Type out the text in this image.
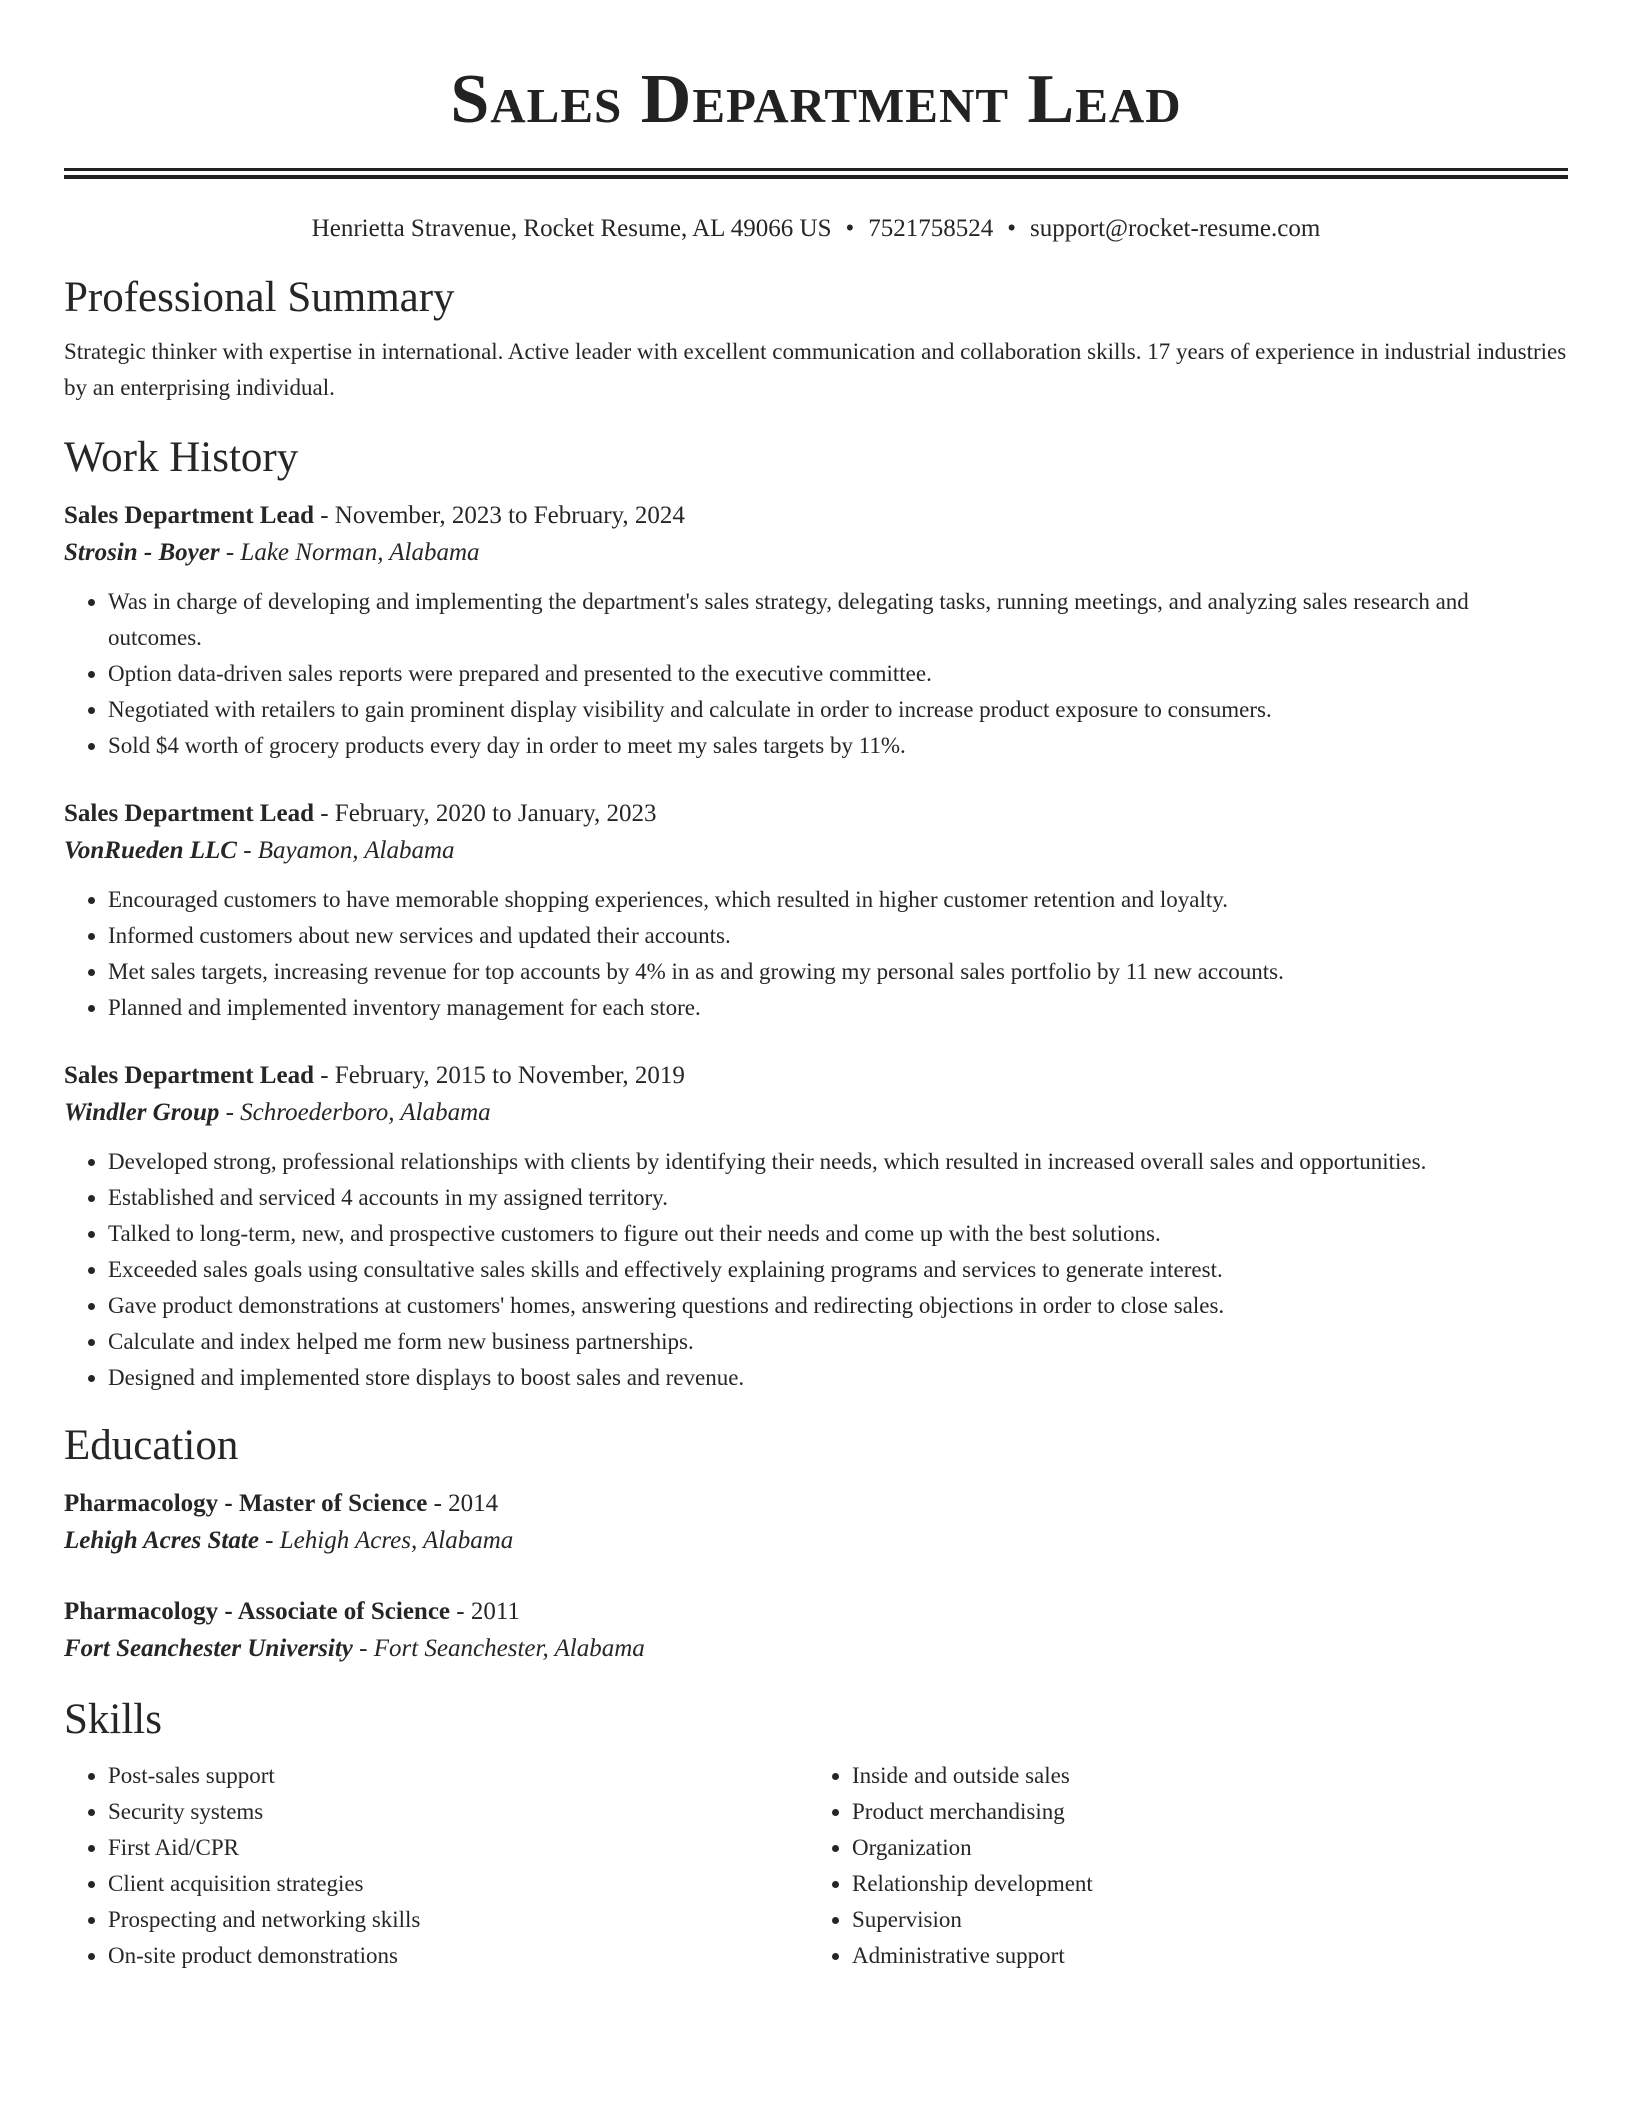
Sales Department Lead
Henrietta Stravenue, Rocket Resume, AL 49066 US • 7521758524 • support@rocket-resume.com
Professional Summary

Strategic thinker with expertise in international. Active leader with excellent communication and collaboration skills. 17 years of experience in industrial industries by an enterprising individual.

Work History

Sales Department Lead - November, 2023 to February, 2024

Strosin - Boyer - Lake Norman, Alabama

• Was in charge of developing and implementing the department's sales strategy, delegating tasks, running meetings, and analyzing sales research and outcomes.
• Option data-driven sales reports were prepared and presented to the executive committee.
• Negotiated with retailers to gain prominent display visibility and calculate in order to increase product exposure to consumers.
• Sold $4 worth of grocery products every day in order to meet my sales targets by 11%.

Sales Department Lead - February, 2020 to January, 2023

VonRueden LLC - Bayamon, Alabama

• Encouraged customers to have memorable shopping experiences, which resulted in higher customer retention and loyalty.
• Informed customers about new services and updated their accounts.
• Met sales targets, increasing revenue for top accounts by 4% in as and growing my personal sales portfolio by 11 new accounts.
• Planned and implemented inventory management for each store.

Sales Department Lead - February, 2015 to November, 2019

Windler Group - Schroederboro, Alabama

• Developed strong, professional relationships with clients by identifying their needs, which resulted in increased overall sales and opportunities.
• Established and serviced 4 accounts in my assigned territory.
• Talked to long-term, new, and prospective customers to figure out their needs and come up with the best solutions.
• Exceeded sales goals using consultative sales skills and effectively explaining programs and services to generate interest.
• Gave product demonstrations at customers' homes, answering questions and redirecting objections in order to close sales.
• Calculate and index helped me form new business partnerships.
• Designed and implemented store displays to boost sales and revenue.
Education

Pharmacology - Master of Science - 2014

Lehigh Acres State - Lehigh Acres, Alabama

Pharmacology - Associate of Science - 2011

Fort Seanchester University - Fort Seanchester, Alabama

Skills
• Post-sales support
• Security systems
• First Aid/CPR
• Client acquisition strategies
• Prospecting and networking skills
• On-site product demonstrations
• Inside and outside sales
• Product merchandising
• Organization
• Relationship development
• Supervision
• Administrative support
